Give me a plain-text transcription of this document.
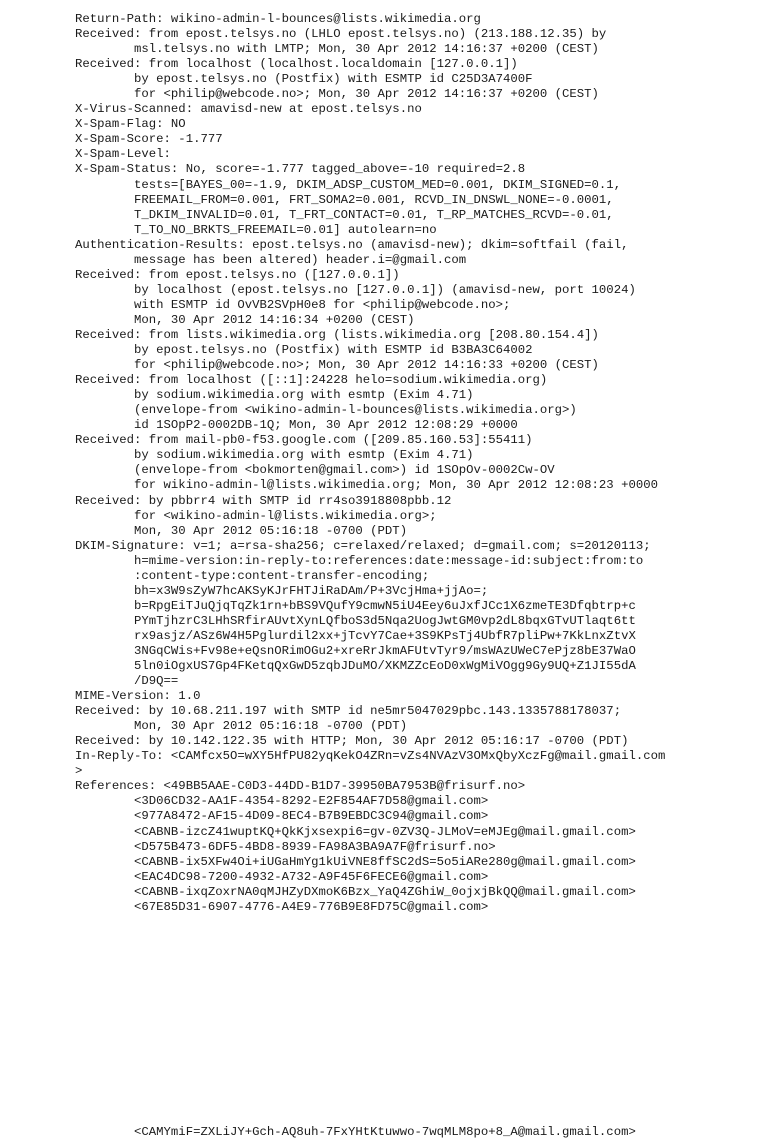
Return-Path: wikino-admin-l-bounces@lists.wikimedia.org
Received: from epost.telsys.no (LHLO epost.telsys.no) (213.188.12.35) by
msl.telsys.no with LMTP; Mon, 30 Apr 2012 14:16:37 +0200 (CEST)
Received: from localhost (localhost.localdomain [127.0.0.1])
by epost.telsys.no (Postfix) with ESMTP id C25D3A7400F
for <philip@webcode.no>; Mon, 30 Apr 2012 14:16:37 +0200 (CEST)
X-Virus-Scanned: amavisd-new at epost.telsys.no
X-Spam-Flag: NO
X-Spam-Score: -1.777
X-Spam-Level:
X-Spam-Status: No, score=-1.777 tagged_above=-10 required=2.8
tests=[BAYES_00=-1.9, DKIM_ADSP_CUSTOM_MED=0.001, DKIM_SIGNED=0.1,
FREEMAIL_FROM=0.001, FRT_SOMA2=0.001, RCVD_IN_DNSWL_NONE=-0.0001,
T_DKIM_INVALID=0.01, T_FRT_CONTACT=0.01, T_RP_MATCHES_RCVD=-0.01,
T_TO_NO_BRKTS_FREEMAIL=0.01] autolearn=no
Authentication-Results: epost.telsys.no (amavisd-new); dkim=softfail (fail,
message has been altered) header.i=@gmail.com
Received: from epost.telsys.no ([127.0.0.1])
by localhost (epost.telsys.no [127.0.0.1]) (amavisd-new, port 10024)
with ESMTP id OvVB2SVpH0e8 for <philip@webcode.no>;
Mon, 30 Apr 2012 14:16:34 +0200 (CEST)
Received: from lists.wikimedia.org (lists.wikimedia.org [208.80.154.4])
by epost.telsys.no (Postfix) with ESMTP id B3BA3C64002
for <philip@webcode.no>; Mon, 30 Apr 2012 14:16:33 +0200 (CEST)
Received: from localhost ([::1]:24228 helo=sodium.wikimedia.org)
by sodium.wikimedia.org with esmtp (Exim 4.71)
(envelope-from <wikino-admin-l-bounces@lists.wikimedia.org>)
id 1SOpP2-0002DB-1Q; Mon, 30 Apr 2012 12:08:29 +0000
Received: from mail-pb0-f53.google.com ([209.85.160.53]:55411)
by sodium.wikimedia.org with esmtp (Exim 4.71)
(envelope-from <bokmorten@gmail.com>) id 1SOpOv-0002Cw-OV
for wikino-admin-l@lists.wikimedia.org; Mon, 30 Apr 2012 12:08:23 +0000
Received: by pbbrr4 with SMTP id rr4so3918808pbb.12
for <wikino-admin-l@lists.wikimedia.org>;
Mon, 30 Apr 2012 05:16:18 -0700 (PDT)
DKIM-Signature: v=1; a=rsa-sha256; c=relaxed/relaxed; d=gmail.com; s=20120113;
h=mime-version:in-reply-to:references:date:message-id:subject:from:to
:content-type:content-transfer-encoding;
bh=x3W9sZyW7hcAKSyKJrFHTJiRaDAm/P+3VcjHma+jjAo=;
b=RpgEiTJuQjqTqZk1rn+bBS9VQufY9cmwN5iU4Eey6uJxfJCc1X6zmeTE3Dfqbtrp+c
PYmTjhzrC3LHhSRfirAUvtXynLQfboS3d5Nqa2UogJwtGM0vp2dL8bqxGTvUTlaqt6tt
rx9asjz/ASz6W4H5Pglurdil2xx+jTcvY7Cae+3S9KPsTj4UbfR7pliPw+7KkLnxZtvX
3NGqCWis+Fv98e+eQsnORimOGu2+xreRrJkmAFUtvTyr9/msWAzUWeC7ePjz8bE37WaO
5ln0iOgxUS7Gp4FKetqQxGwD5zqbJDuMO/XKMZZcEoD0xWgMiVOgg9Gy9UQ+Z1JI55dA
/D9Q==
MIME-Version: 1.0
Received: by 10.68.211.197 with SMTP id ne5mr5047029pbc.143.1335788178037;
Mon, 30 Apr 2012 05:16:18 -0700 (PDT)
Received: by 10.142.122.35 with HTTP; Mon, 30 Apr 2012 05:16:17 -0700 (PDT)
In-Reply-To: <CAMfcx5O=wXY5HfPU82yqKekO4ZRn=vZs4NVAzV3OMxQbyXczFg@mail.gmail.com
>
References: <49BB5AAE-C0D3-44DD-B1D7-39950BA7953B@frisurf.no>
<3D06CD32-AA1F-4354-8292-E2F854AF7D58@gmail.com>
<977A8472-AF15-4D09-8EC4-B7B9EBDC3C94@gmail.com>
<CABNB-izcZ41wuptKQ+QkKjxsexpi6=gv-0ZV3Q-JLMoV=eMJEg@mail.gmail.com>
<D575B473-6DF5-4BD8-8939-FA98A3BA9A7F@frisurf.no>
<CABNB-ix5XFw4Oi+iUGaHmYg1kUiVNE8ffSC2dS=5o5iARe280g@mail.gmail.com>
<EAC4DC98-7200-4932-A732-A9F45F6FECE6@gmail.com>
<CABNB-ixqZoxrNA0qMJHZyDXmoK6Bzx_YaQ4ZGhiW_0ojxjBkQQ@mail.gmail.com>
<67E85D31-6907-4776-A4E9-776B9E8FD75C@gmail.com>
<CAMYmiF=ZXLiJY+Gch-AQ8uh-7FxYHtKtuwwo-7wqMLM8po+8_A@mail.gmail.com>
